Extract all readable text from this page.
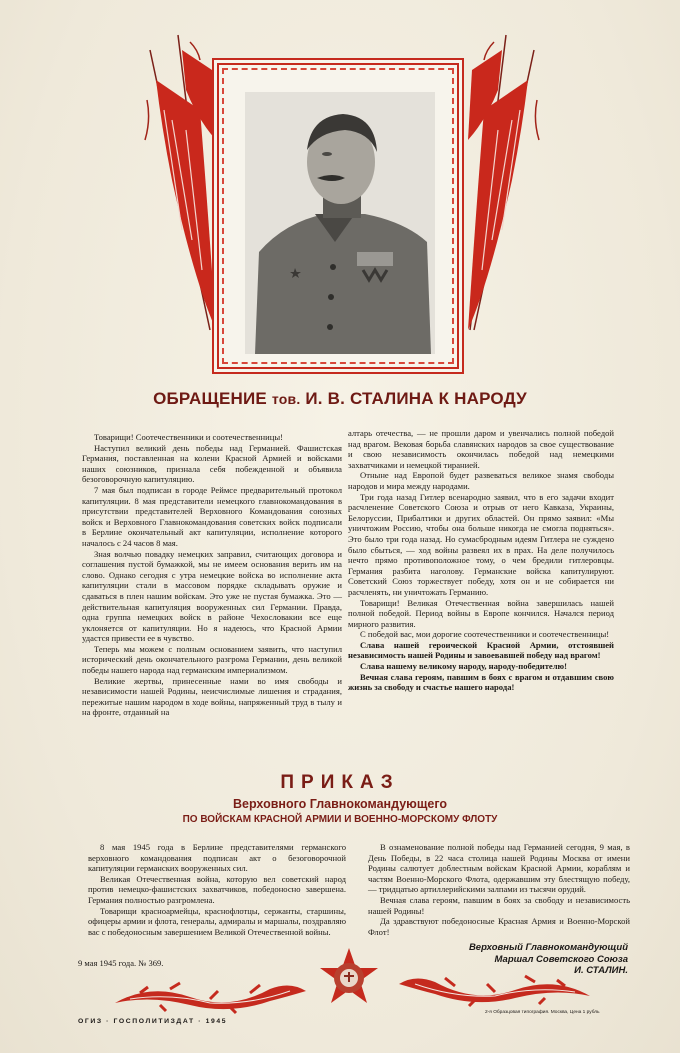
ОБРАЩЕНИЕ тов. И. В. СТАЛИНА К НАРОДУ

Товарищи! Соотечественники и соотечественницы!

Наступил великий день победы над Германией. Фашистская Германия, поставленная на колени Красной Армией и войсками наших союзников, признала себя побежденной и объявила безоговорочную капитуляцию.

7 мая был подписан в городе Реймсе предварительный протокол капитуляции. 8 мая представители немецкого главнокомандования в присутствии представителей Верховного Командования союзных войск и Верховного Главнокомандования советских войск подписали в Берлине окончательный акт капитуляции, исполнение которого началось с 24 часов 8 мая.

Зная волчью повадку немецких заправил, считающих договора и соглашения пустой бумажкой, мы не имеем основания верить им на слово. Однако сегодня с утра немецкие войска во исполнение акта капитуляции стали в массовом порядке складывать оружие и сдаваться в плен нашим войскам. Это уже не пустая бумажка. Это — действительная капитуляция вооруженных сил Германии. Правда, одна группа немецких войск в районе Чехословакии все еще уклоняется от капитуляции. Но я надеюсь, что Красной Армии удастся привести ее в чувство.

Теперь мы можем с полным основанием заявить, что наступил исторический день окончательного разгрома Германии, день великой победы нашего народа над германским империализмом.

Великие жертвы, принесенные нами во имя свободы и независимости нашей Родины, неисчислимые лишения и страдания, пережитые нашим народом в ходе войны, напряженный труд в тылу и на фронте, отданный на

алтарь отечества, — не прошли даром и увенчались полной победой над врагом. Вековая борьба славянских народов за свое существование и свою независимость окончилась победой над немецкими захватчиками и немецкой тиранией.

Отныне над Европой будет развеваться великое знамя свободы народов и мира между народами.

Три года назад Гитлер всенародно заявил, что в его задачи входит расчленение Советского Союза и отрыв от него Кавказа, Украины, Белоруссии, Прибалтики и других областей. Он прямо заявил: «Мы уничтожим Россию, чтобы она больше никогда не смогла подняться». Это было три года назад. Но сумасбродным идеям Гитлера не суждено было сбыться, — ход войны развеял их в прах. На деле получилось нечто прямо противоположное тому, о чем бредили гитлеровцы. Германия разбита наголову. Германские войска капитулируют. Советский Союз торжествует победу, хотя он и не собирается ни расчленять, ни уничтожать Германию.

Товарищи! Великая Отечественная война завершилась нашей полной победой. Период войны в Европе кончился. Начался период мирного развития.

С победой вас, мои дорогие соотечественники и соотечественницы!

Слава нашей героической Красной Армии, отстоявшей независимость нашей Родины и завоевавшей победу над врагом!

Слава нашему великому народу, народу-победителю!

Вечная слава героям, павшим в боях с врагом и отдавшим свою жизнь за свободу и счастье нашего народа!

ПРИКАЗ
Верховного Главнокомандующего
ПО ВОЙСКАМ КРАСНОЙ АРМИИ И ВОЕННО-МОРСКОМУ ФЛОТУ

8 мая 1945 года в Берлине представителями германского верховного командования подписан акт о безоговорочной капитуляции германских вооруженных сил.

Великая Отечественная война, которую вел советский народ против немецко-фашистских захватчиков, победоносно завершена. Германия полностью разгромлена.

Товарищи красноармейцы, краснофлотцы, сержанты, старшины, офицеры армии и флота, генералы, адмиралы и маршалы, поздравляю вас с победоносным завершением Великой Отечественной войны.

В ознаменование полной победы над Германией сегодня, 9 мая, в День Победы, в 22 часа столица нашей Родины Москва от имени Родины салютует доблестным войскам Красной Армии, кораблям и частям Военно-Морского Флота, одержавшим эту блестящую победу, — тридцатью артиллерийскими залпами из тысячи орудий.

Вечная слава героям, павшим в боях за свободу и независимость нашей Родины!

Да здравствуют победоносные Красная Армия и Военно-Морской Флот!

9 мая 1945 года. № 369.
Верховный Главнокомандующий
Маршал Советского Союза
И. СТАЛИН.
ОГИЗ · ГОСПОЛИТИЗДАТ · 1945
2-я Образцовая типография. Москва, Цена 1 рубль
